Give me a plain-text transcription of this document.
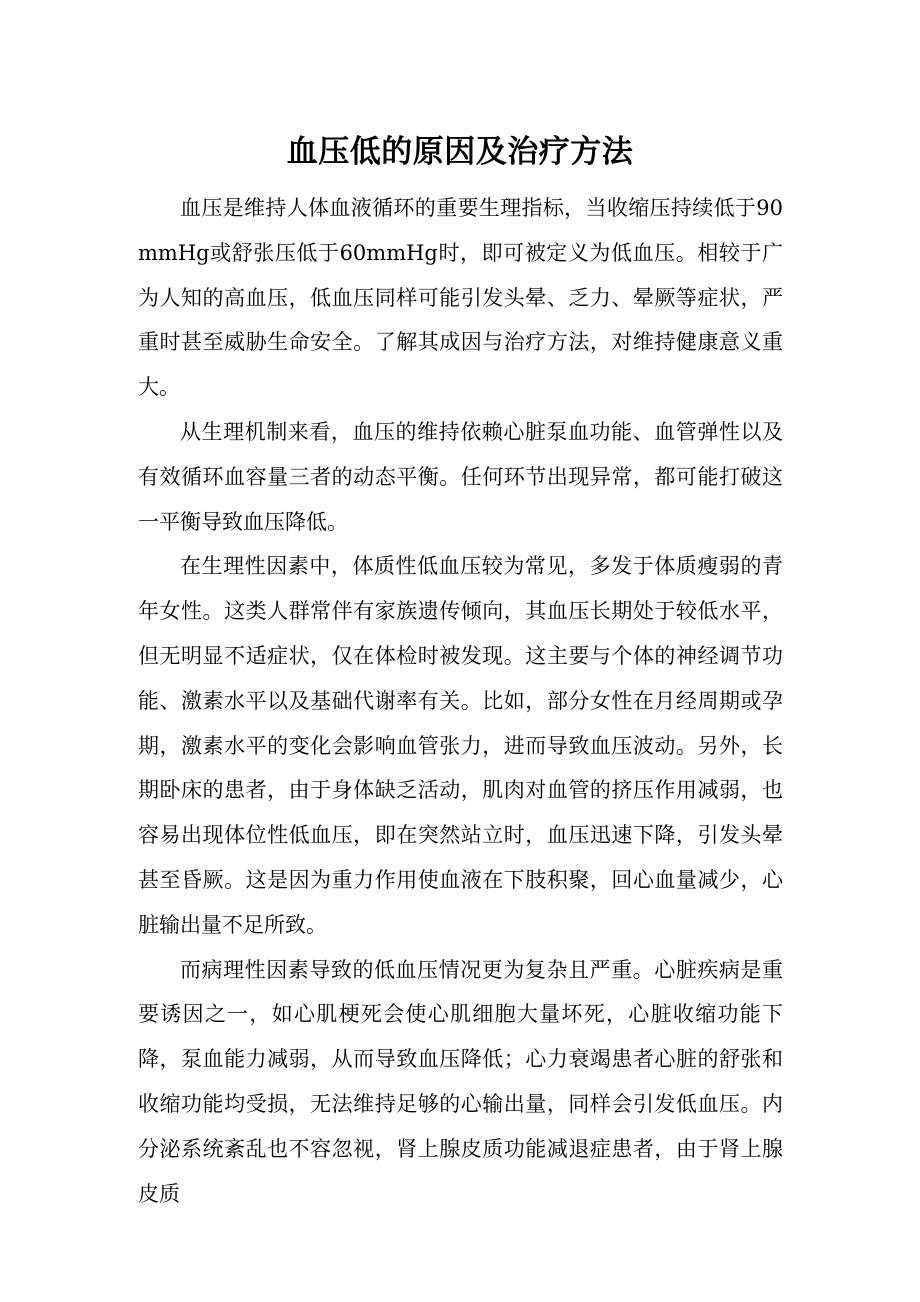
血压低的原因及治疗方法

血压是维持人体血液循环的重要生理指标，当收缩压持续低于90mmHg或舒张压低于60mmHg时，即可被定义为低血压。相较于广为人知的高血压，低血压同样可能引发头晕、乏力、晕厥等症状，严重时甚至威胁生命安全。了解其成因与治疗方法，对维持健康意义重大。

从生理机制来看，血压的维持依赖心脏泵血功能、血管弹性以及有效循环血容量三者的动态平衡。任何环节出现异常，都可能打破这一平衡导致血压降低。

在生理性因素中，体质性低血压较为常见，多发于体质瘦弱的青年女性。这类人群常伴有家族遗传倾向，其血压长期处于较低水平，但无明显不适症状，仅在体检时被发现。这主要与个体的神经调节功能、激素水平以及基础代谢率有关。比如，部分女性在月经周期或孕期，激素水平的变化会影响血管张力，进而导致血压波动。另外，长期卧床的患者，由于身体缺乏活动，肌肉对血管的挤压作用减弱，也容易出现体位性低血压，即在突然站立时，血压迅速下降，引发头晕甚至昏厥。这是因为重力作用使血液在下肢积聚，回心血量减少，心脏输出量不足所致。

而病理性因素导致的低血压情况更为复杂且严重。心脏疾病是重要诱因之一，如心肌梗死会使心肌细胞大量坏死，心脏收缩功能下降，泵血能力减弱，从而导致血压降低；心力衰竭患者心脏的舒张和收缩功能均受损，无法维持足够的心输出量，同样会引发低血压。内分泌系统紊乱也不容忽视，肾上腺皮质功能减退症患者，由于肾上腺皮质
